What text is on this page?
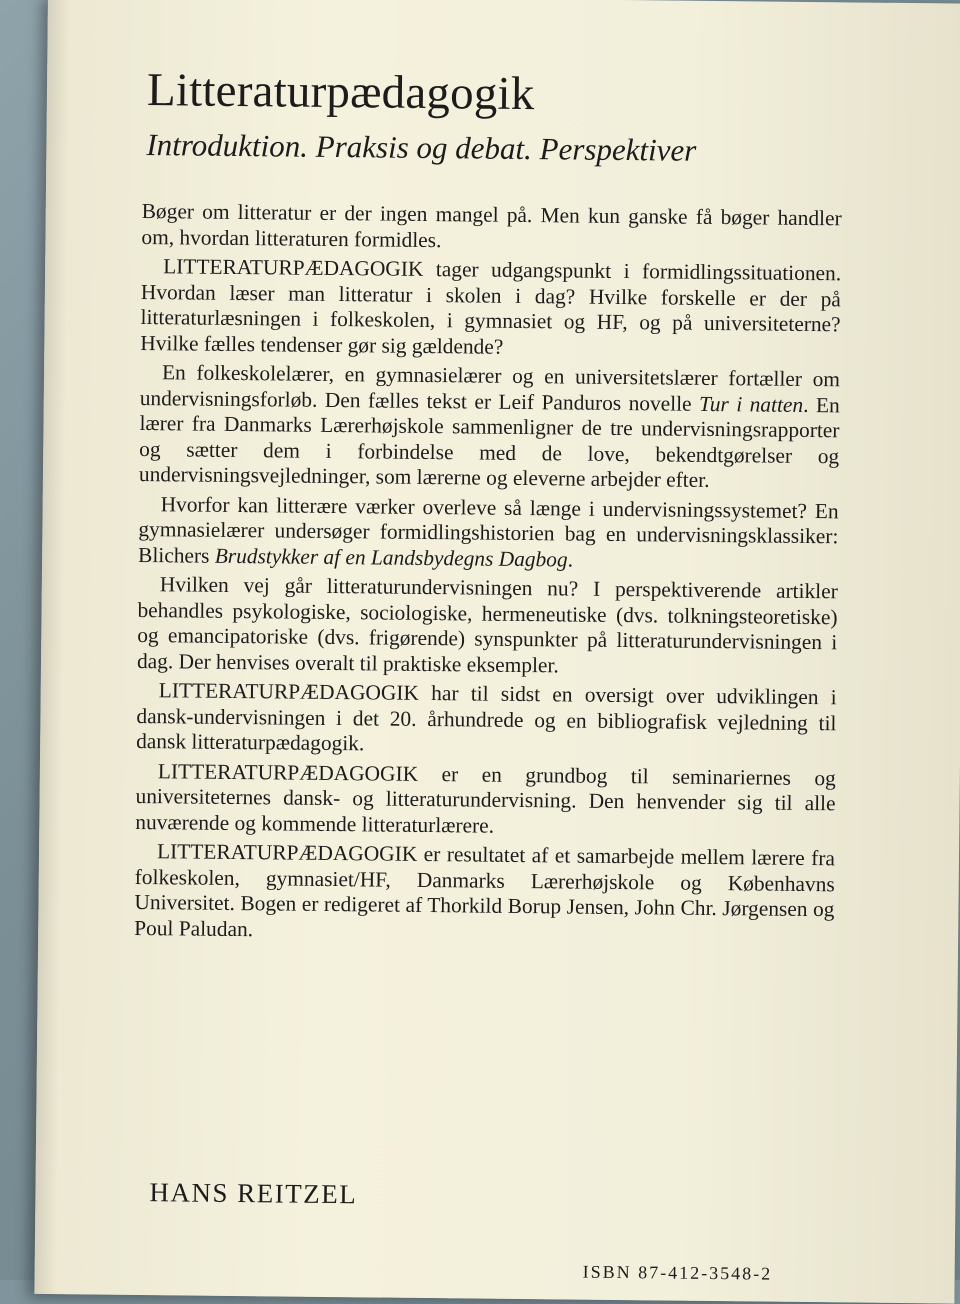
Litteraturpædagogik
Introduktion. Praksis og debat. Perspektiver

Bøger om litteratur er der ingen mangel på. Men kun ganske få bøger handler om, hvordan litteraturen formidles.

LITTERATURPÆDAGOGIK tager udgangspunkt i formidlingssituationen. Hvordan læser man litteratur i skolen i dag? Hvilke forskelle er der på litteraturlæsningen i folkeskolen, i gymnasiet og HF, og på universiteterne? Hvilke fælles tendenser gør sig gældende?

En folkeskolelærer, en gymnasielærer og en universitetslærer fortæller om undervisningsforløb. Den fælles tekst er Leif Panduros novelle Tur i natten. En lærer fra Danmarks Lærerhøjskole sammenligner de tre undervisningsrapporter og sætter dem i forbindelse med de love, bekendtgørelser og undervisningsvejledninger, som lærerne og eleverne arbejder efter.

Hvorfor kan litterære værker overleve så længe i undervisningssystemet? En gymnasielærer undersøger formidlingshistorien bag en undervisningsklassiker: Blichers Brudstykker af en Landsbydegns Dagbog.

Hvilken vej går litteraturundervisningen nu? I perspektiverende artikler behandles psykologiske, sociologiske, hermeneutiske (dvs. tolkningsteoretiske) og emancipatoriske (dvs. frigørende) synspunkter på litteraturundervisningen i dag. Der henvises overalt til praktiske eksempler.

LITTERATURPÆDAGOGIK har til sidst en oversigt over udviklingen i dansk-undervisningen i det 20. århundrede og en bibliografisk vejledning til dansk litteraturpædagogik.

LITTERATURPÆDAGOGIK er en grundbog til seminariernes og universiteternes dansk- og litteraturundervisning. Den henvender sig til alle nuværende og kommende litteraturlærere.

LITTERATURPÆDAGOGIK er resultatet af et samarbejde mellem lærere fra folkeskolen, gymnasiet/HF, Danmarks Lærerhøjskole og Københavns Universitet. Bogen er redigeret af Thorkild Borup Jensen, John Chr. Jørgensen og Poul Paludan.

HANS REITZEL
ISBN 87-412-3548-2
